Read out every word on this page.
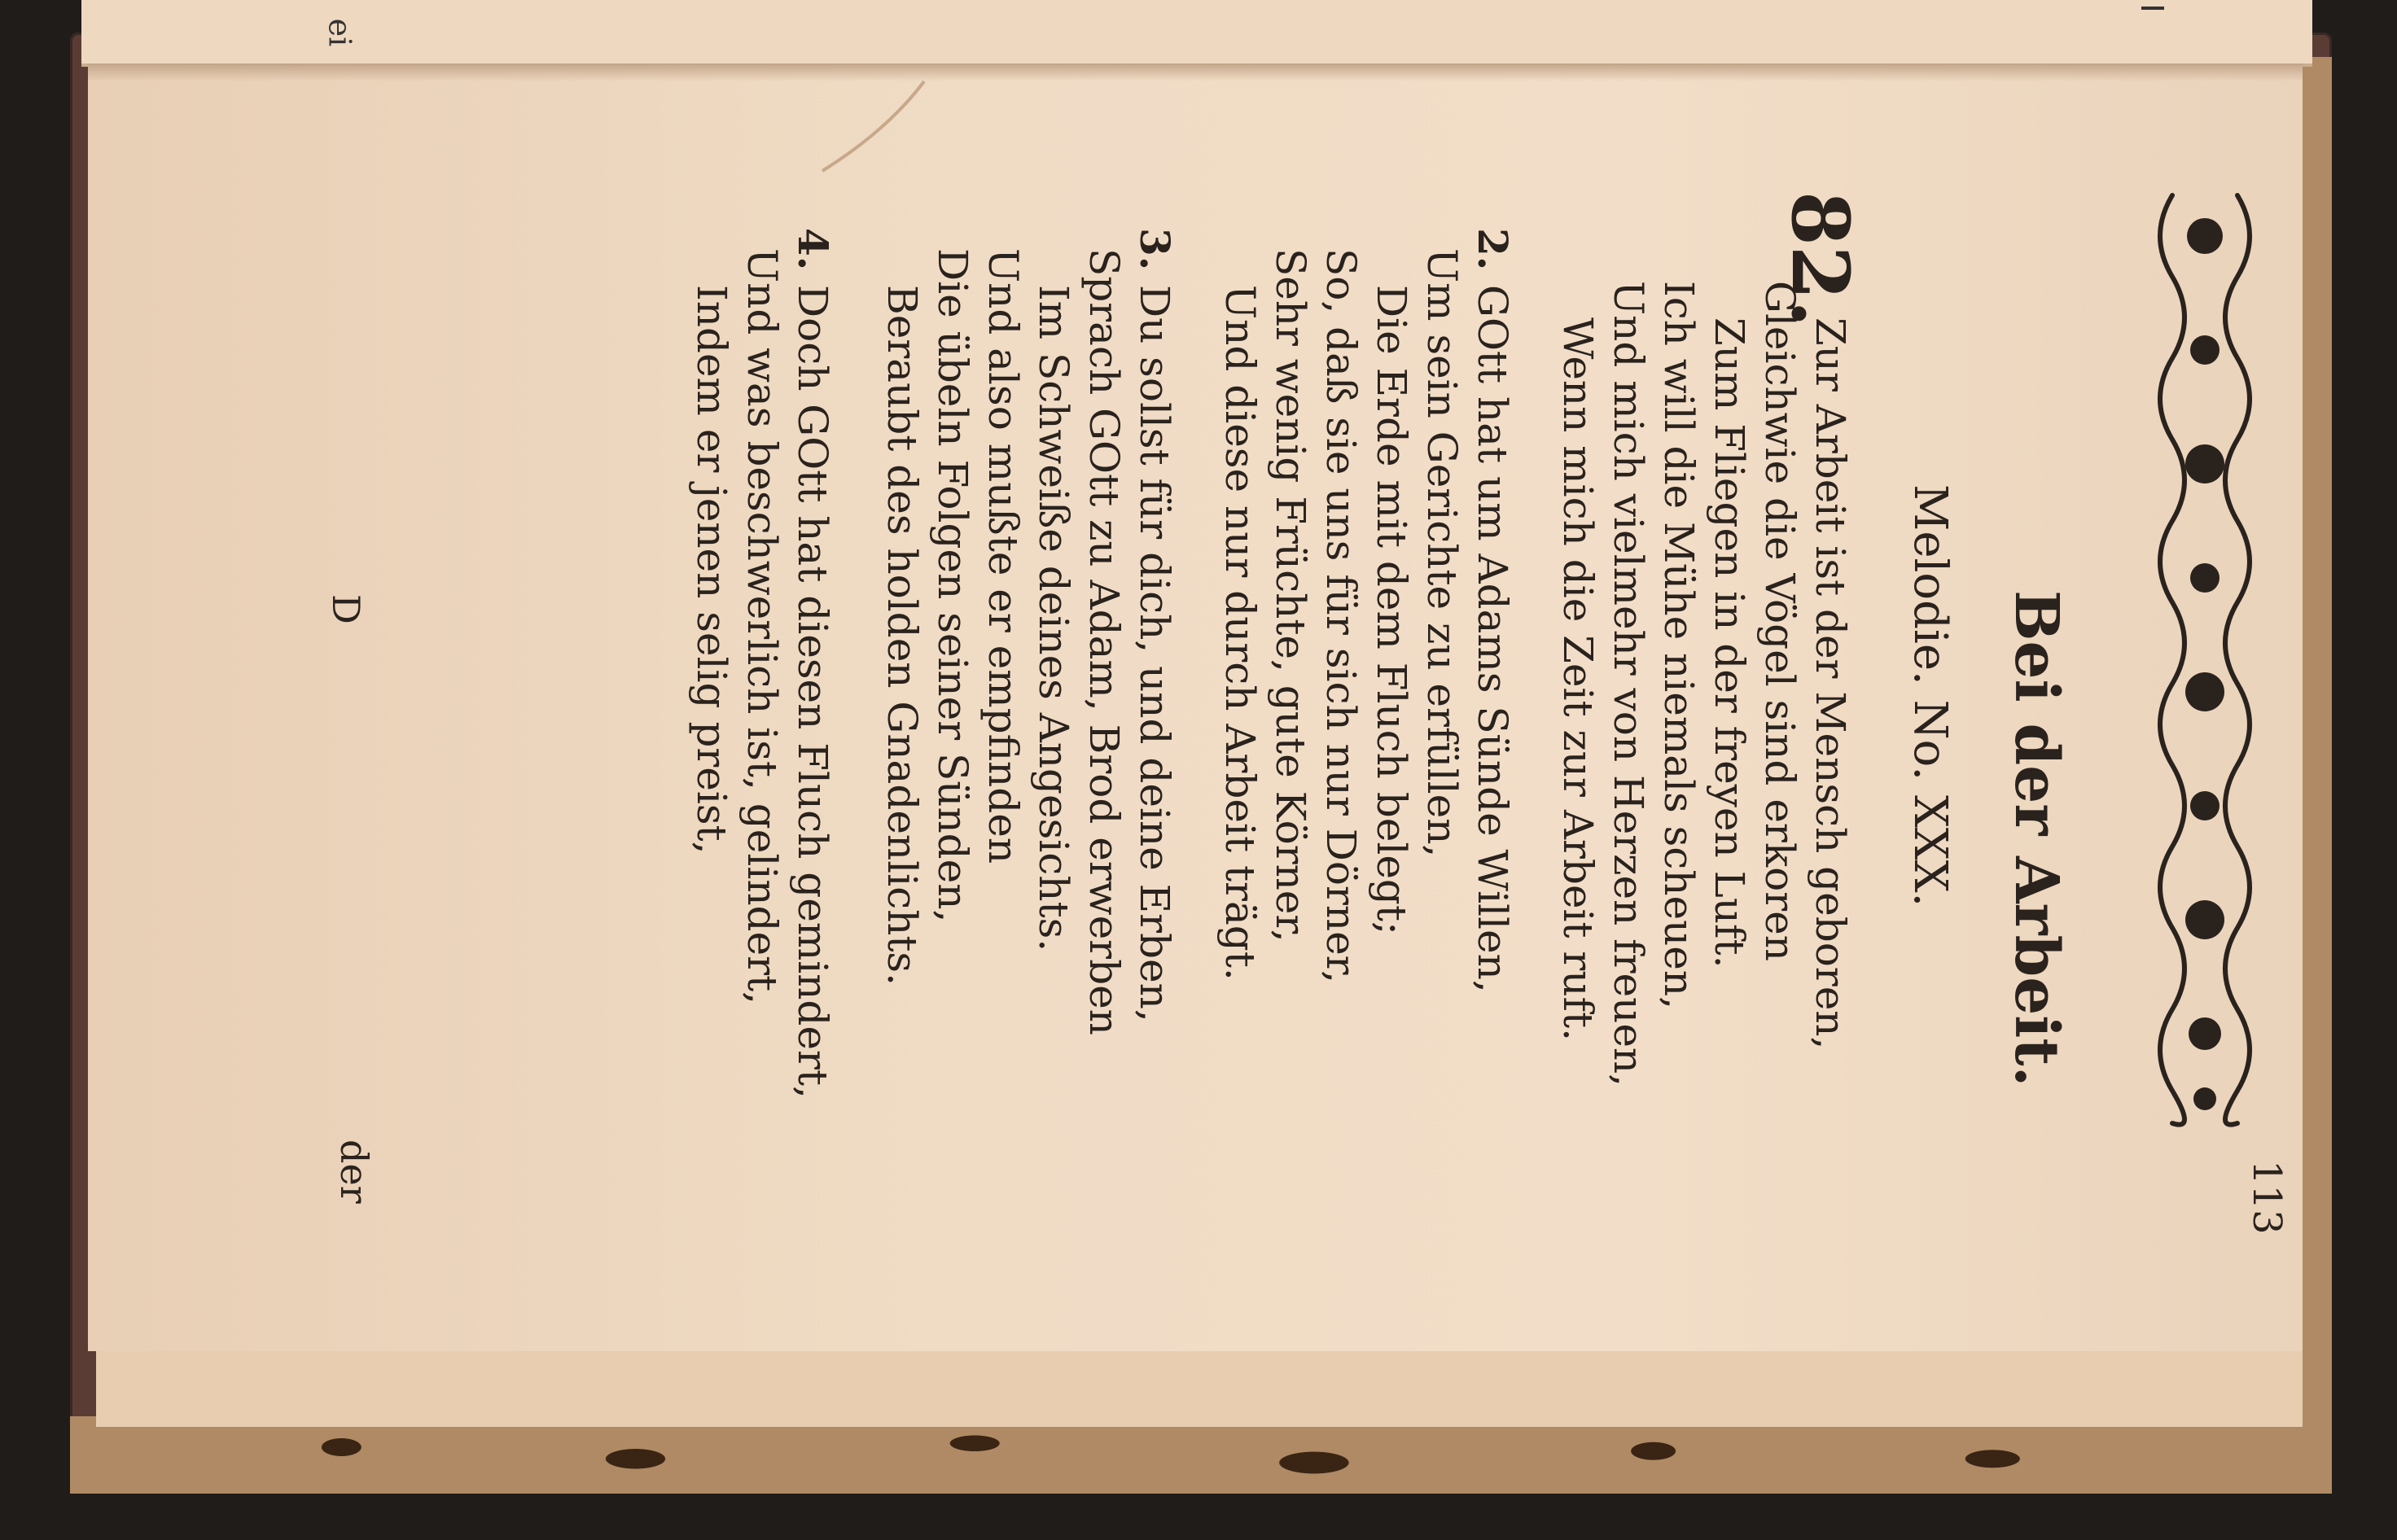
ei
113
Bei der Arbeit.
Melodie. No. XXX.
82.
Zur Arbeit ist der Mensch geboren,
Gleichwie die Vögel sind erkoren
Zum Fliegen in der freyen Luft.
Ich will die Mühe niemals scheuen,
Und mich vielmehr von Herzen freuen,
Wenn mich die Zeit zur Arbeit ruft.
2.
GOtt hat um Adams Sünde Willen,
Um sein Gerichte zu erfüllen,
Die Erde mit dem Fluch belegt;
So, daß sie uns für sich nur Dörner,
Sehr wenig Früchte, gute Körner,
Und diese nur durch Arbeit trägt.
3.
Du sollst für dich, und deine Erben,
Sprach GOtt zu Adam, Brod erwerben
Im Schweiße deines Angesichts.
Und also mußte er empfinden
Die übeln Folgen seiner Sünden,
Beraubt des holden Gnadenlichts.
4.
Doch GOtt hat diesen Fluch gemindert,
Und was beschwerlich ist, gelindert,
Indem er jenen selig preist,
D
der
